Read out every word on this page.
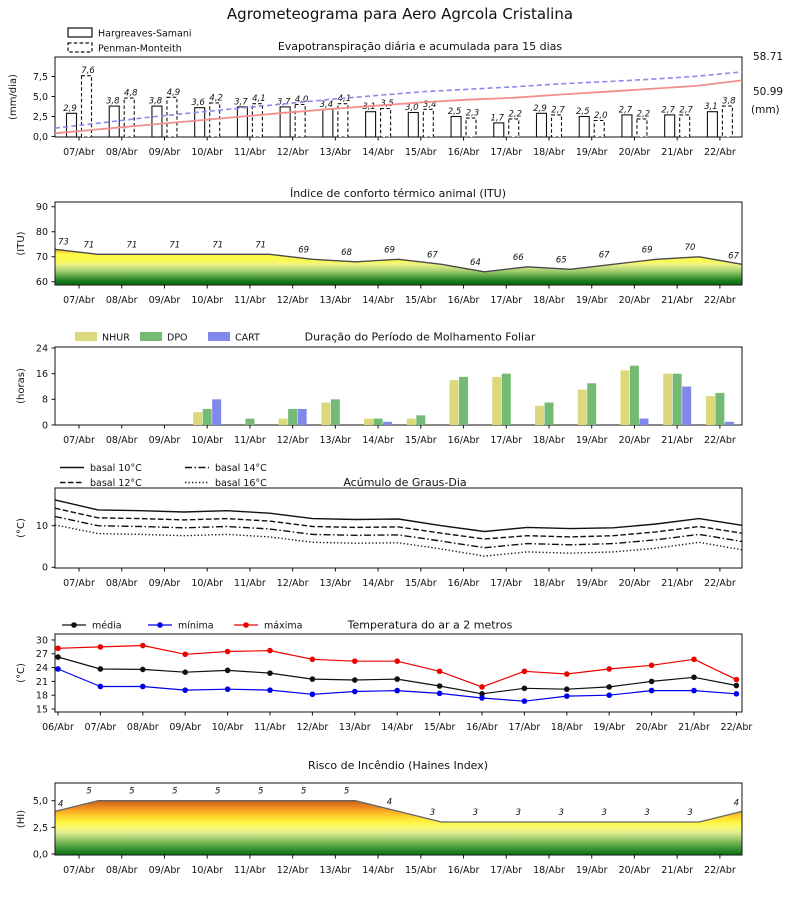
Agrometeograma para Aero Agrcola Cristalina
Hargreaves-Samani
Penman-Monteith	Evapotranspiração diária e acumulada para 15 dias
0,0
2,5
5,0
7,5
07/Abr 08/Abr 09/Abr 10/Abr 11/Abr 12/Abr 13/Abr 14/Abr 15/Abr 16/Abr 17/Abr 18/Abr 19/Abr 20/Abr 21/Abr 22/Abr
(mm/dia)	2,9
7,6
3,8
4,8
3,8
4,9
3,6 4,2 3,7 4,1 3,7 4,0 3,4
4,1
3,1 3,5 3,0 3,4
2,5 2,3 1,7 2,2
2,9 2,7 2,5 2,0
2,7 2,2 2,7 2,7 3,1
3,8
58.71
50.99
(mm)
Índice de conforto térmico animal (ITU)
60
70
80
90
07/Abr 08/Abr 09/Abr 10/Abr 11/Abr 12/Abr 13/Abr 14/Abr 15/Abr 16/Abr 17/Abr 18/Abr 19/Abr 20/Abr 21/Abr 22/Abr
73 71	71	71	71	71	69	68	69	67
64	66	65	67	69	70
67
(ITU)
NHUR	DPO	CART	Duração do Período de Molhamento Foliar
0
8
16
24
07/Abr 08/Abr 09/Abr 10/Abr 11/Abr 12/Abr 13/Abr 14/Abr 15/Abr 16/Abr 17/Abr 18/Abr 19/Abr 20/Abr 21/Abr 22/Abr
(horas)
basal 10°C
basal 12°C
basal 14°C
basal 16°C	Acúmulo de Graus-Dia
0
10
07/Abr 08/Abr 09/Abr 10/Abr 11/Abr 12/Abr 13/Abr 14/Abr 15/Abr 16/Abr 17/Abr 18/Abr 19/Abr 20/Abr 21/Abr 22/Abr
(°C)
média	mínima	máxima	Temperatura do ar a 2 metros
15
18
21
24
27
30
06/Abr 07/Abr 08/Abr 09/Abr 10/Abr 11/Abr 12/Abr 13/Abr 14/Abr 15/Abr 16/Abr 17/Abr 18/Abr 19/Abr 20/Abr 21/Abr 22/Abr
(°C)
Risco de Incêndio (Haines Index)
0,0
2,5
5,0
07/Abr 08/Abr 09/Abr 10/Abr 11/Abr 12/Abr 13/Abr 14/Abr 15/Abr 16/Abr 17/Abr 18/Abr 19/Abr 20/Abr 21/Abr 22/Abr
4
5	5	5	5	5	5	5
4
3	3	3	3	3	3	3
4
(HI)
